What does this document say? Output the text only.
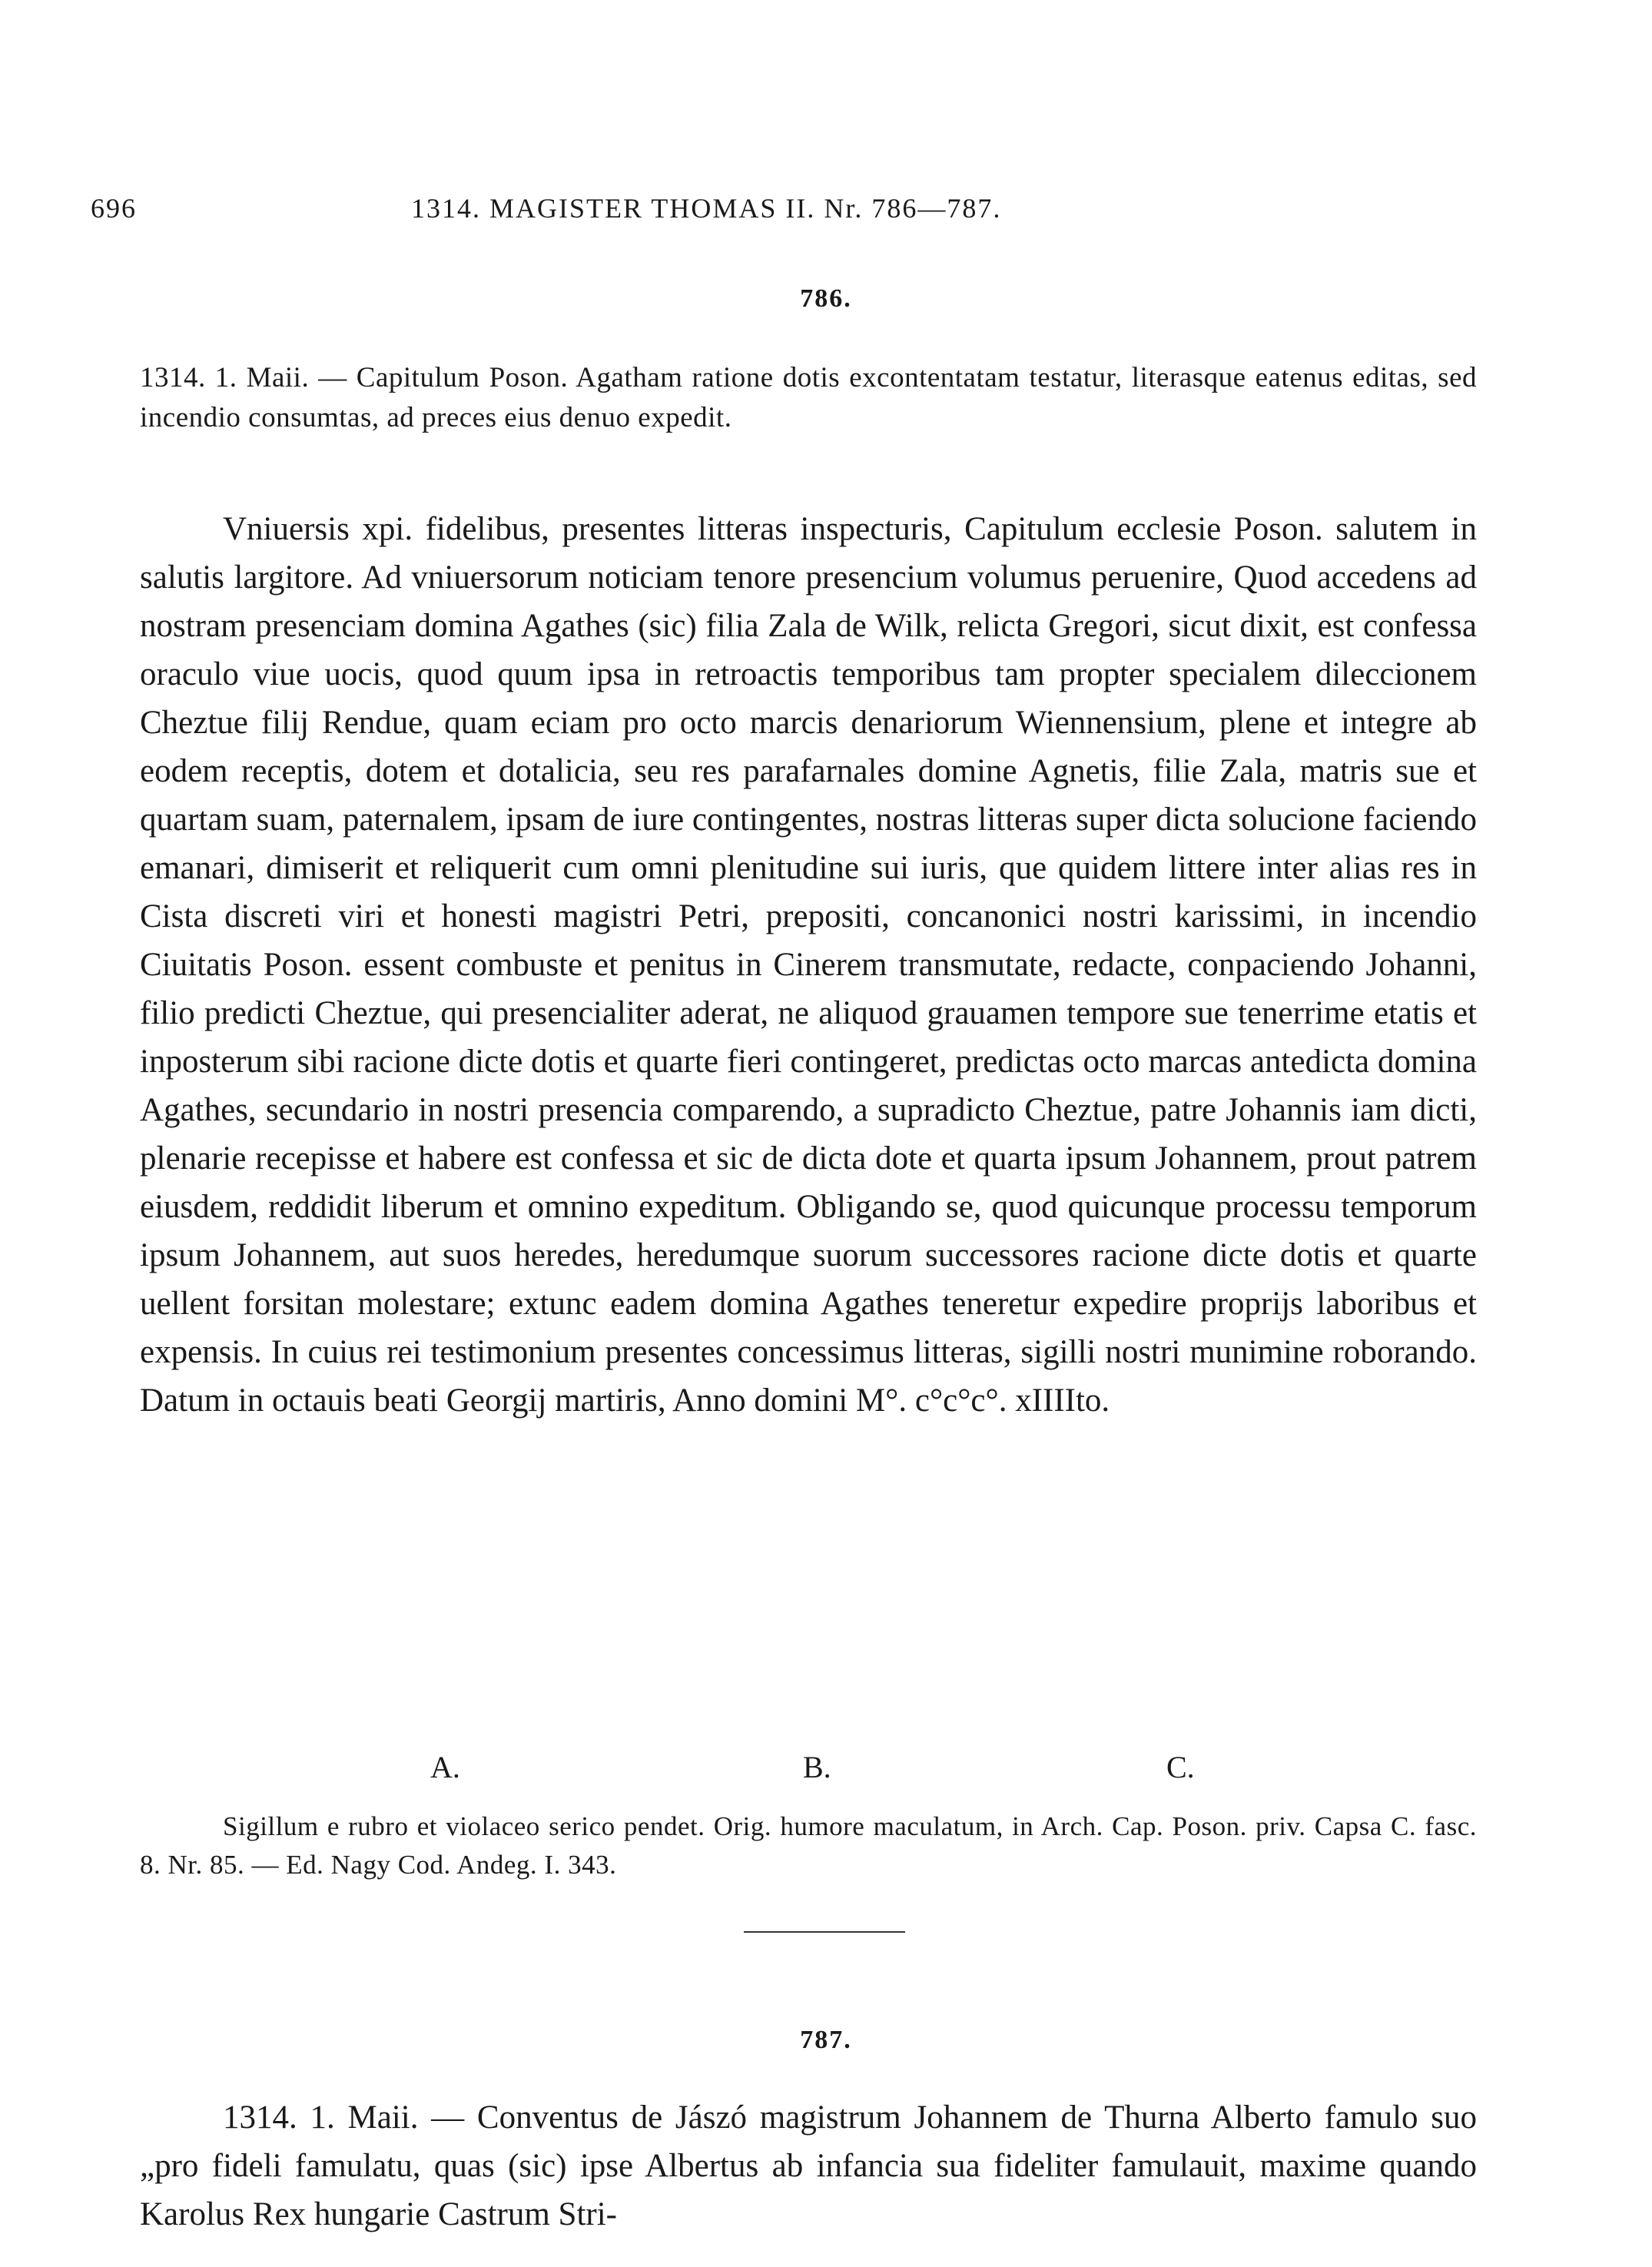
696	1314. MAGISTER THOMAS II. Nr. 786—787.
786.
1314. 1. Maii. — Capitulum Poson. Agatham ratione dotis excontentatam testatur, literasque eatenus editas, sed incendio consumtas, ad preces eius denuo expedit.

Vniuersis xpi. fidelibus, presentes litteras inspecturis, Capitulum ecclesie Poson. salutem in salutis largitore. Ad vniuersorum noticiam tenore presencium volumus peruenire, Quod accedens ad nostram presenciam domina Agathes (sic) filia Zala de Wilk, relicta Gregori, sicut dixit, est confessa oraculo viue uocis, quod quum ipsa in retroactis temporibus tam propter specialem dileccionem Cheztue filij Rendue, quam eciam pro octo marcis denariorum Wiennensium, plene et integre ab eodem receptis, dotem et dotalicia, seu res parafarnales domine Agnetis, filie Zala, matris sue et quartam suam, paternalem, ipsam de iure contingentes, nostras litteras super dicta solucione faciendo emanari, dimiserit et reliquerit cum omni plenitudine sui iuris, que quidem littere inter alias res in Cista discreti viri et honesti magistri Petri, prepositi, concanonici nostri karissimi, in incendio Ciuitatis Poson. essent combuste et penitus in Cinerem transmutate, redacte, conpaciendo Johanni, filio predicti Cheztue, qui presencialiter aderat, ne aliquod grauamen tempore sue tenerrime etatis et inposterum sibi racione dicte dotis et quarte fieri contingeret, predictas octo marcas antedicta domina Agathes, secundario in nostri presencia comparendo, a supradicto Cheztue, patre Johannis iam dicti, plenarie recepisse et habere est confessa et sic de dicta dote et quarta ipsum Johannem, prout patrem eiusdem, reddidit liberum et omnino expeditum. Obligando se, quod quicunque processu temporum ipsum Johannem, aut suos heredes, heredumque suorum successores racione dicte dotis et quarte uellent forsitan molestare; extunc eadem domina Agathes teneretur expedire proprijs laboribus et expensis. In cuius rei testimonium presentes concessimus litteras, sigilli nostri munimine roborando. Datum in octauis beati Georgij martiris, Anno domini M°. c°c°c°. xIIIIto.

A.	B.	C.
Sigillum e rubro et violaceo serico pendet. Orig. humore maculatum, in Arch. Cap. Poson. priv. Capsa C. fasc. 8. Nr. 85. — Ed. Nagy Cod. Andeg. I. 343.
787.

1314. 1. Maii. — Conventus de Jászó magistrum Johannem de Thurna Alberto famulo suo „pro fideli famulatu, quas (sic) ipse Albertus ab infancia sua fideliter famulauit, maxime quando Karolus Rex hungarie Castrum Stri-
